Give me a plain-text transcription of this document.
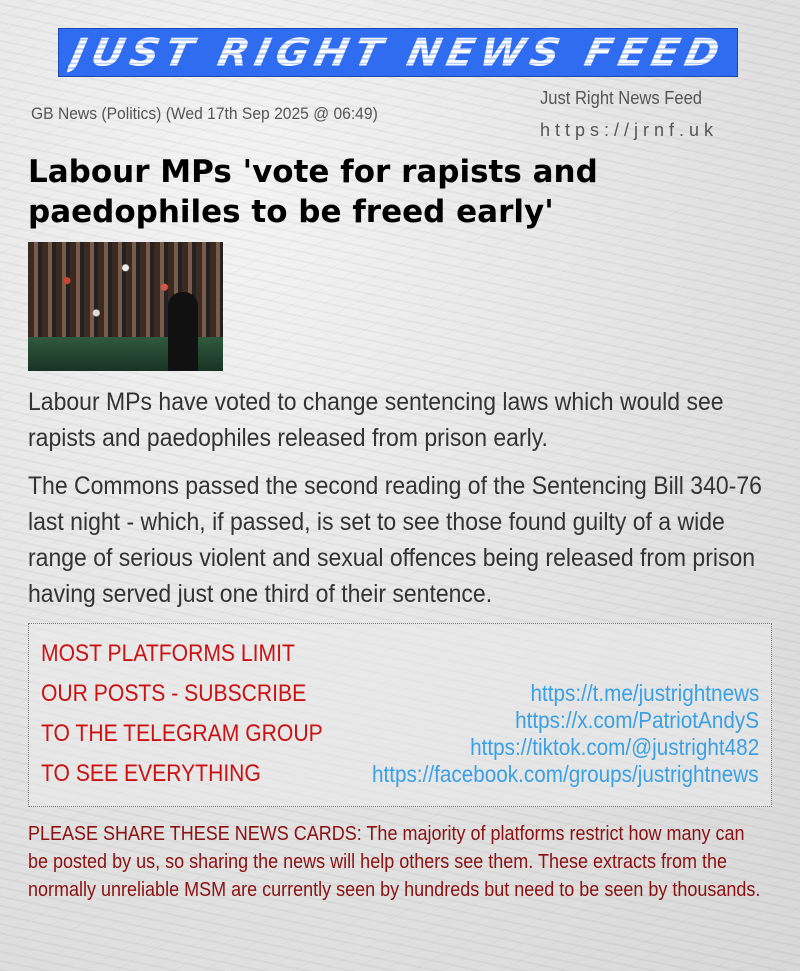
JUST RIGHT NEWS FEED
GB News (Politics) (Wed 17th Sep 2025 @ 06:49)
Just Right News Feed
https://jrnf.uk
Labour MPs 'vote for rapists and paedophiles to be freed early'

Labour MPs have voted to change sentencing laws which would see rapists and paedophiles released from prison early.

The Commons passed the second reading of the Sentencing Bill 340-76 last night - which, if passed, is set to see those found guilty of a wide range of serious violent and sexual offences being released from prison having served just one third of their sentence.

MOST PLATFORMS LIMIT
OUR POSTS - SUBSCRIBE
TO THE TELEGRAM GROUP
TO SEE EVERYTHING
https://t.me/justrightnews
https://x.com/PatriotAndyS
https://tiktok.com/@justright482
https://facebook.com/groups/justrightnews

PLEASE SHARE THESE NEWS CARDS: The majority of platforms restrict how many can be posted by us, so sharing the news will help others see them. These extracts from the normally unreliable MSM are currently seen by hundreds but need to be seen by thousands.
